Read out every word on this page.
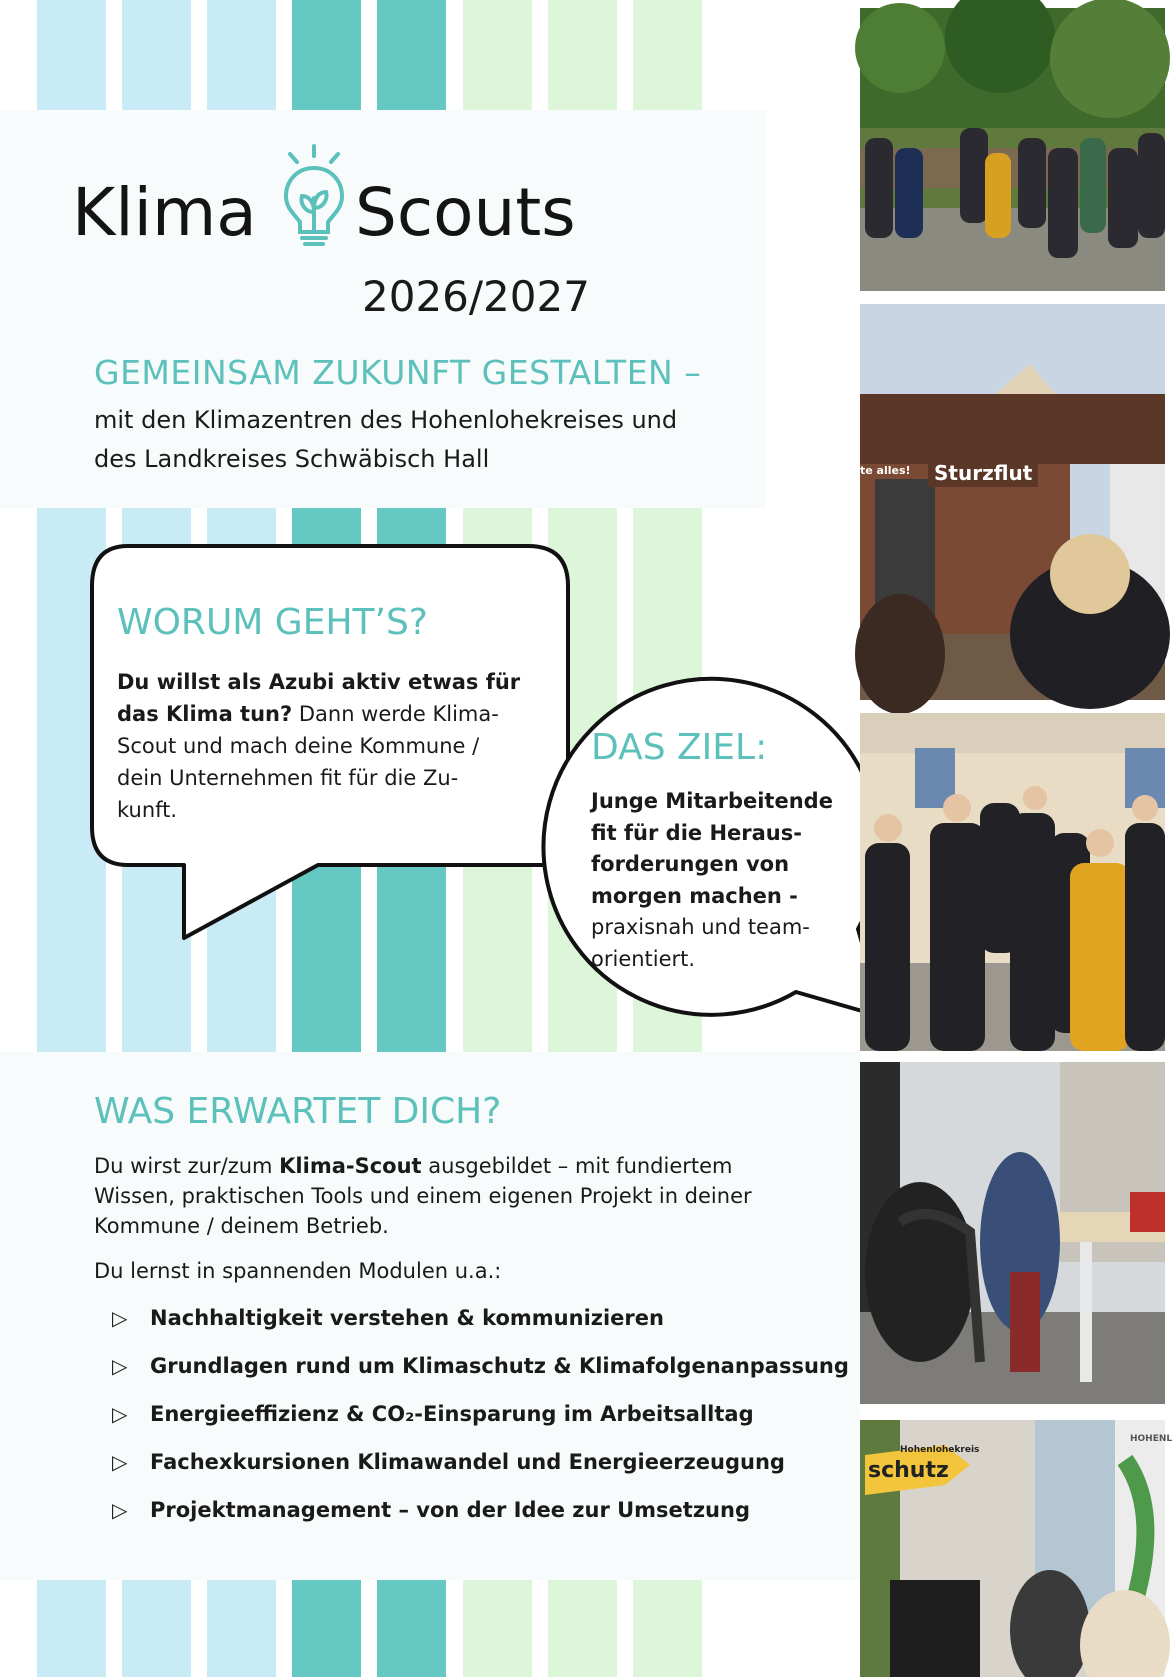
Klima Scouts
2026/2027
GEMEINSAM ZUKUNFT GESTALTEN –
mit den Klimazentren des Hohenlohekreises und
des Landkreises Schwäbisch Hall
WORUM GEHT’S?
Du willst als Azubi aktiv etwas für
das Klima tun? Dann werde Klima-
Scout und mach deine Kommune /
dein Unternehmen fit für die Zu-
kunft.
DAS ZIEL:
Junge Mitarbeitende
fit für die Heraus-
forderungen von
morgen machen -
praxisnah und team-
orientiert.
WAS ERWARTET DICH?
Du wirst zur/zum Klima-Scout ausgebildet – mit fundiertem
Wissen, praktischen Tools und einem eigenen Projekt in deiner
Kommune / deinem Betrieb.
Du lernst in spannenden Modulen u.a.:
▷	Nachhaltigkeit verstehen & kommunizieren
▷	Grundlagen rund um Klimaschutz & Klimafolgenanpassung
▷	Energieeffizienz & CO₂-Einsparung im Arbeitsalltag
▷	Fachexkursionen Klimawandel und Energieerzeugung
▷	Projektmanagement – von der Idee zur Umsetzung
Sturzflut
te alles!
Hohenlohekreis
schutz
HOHENL
